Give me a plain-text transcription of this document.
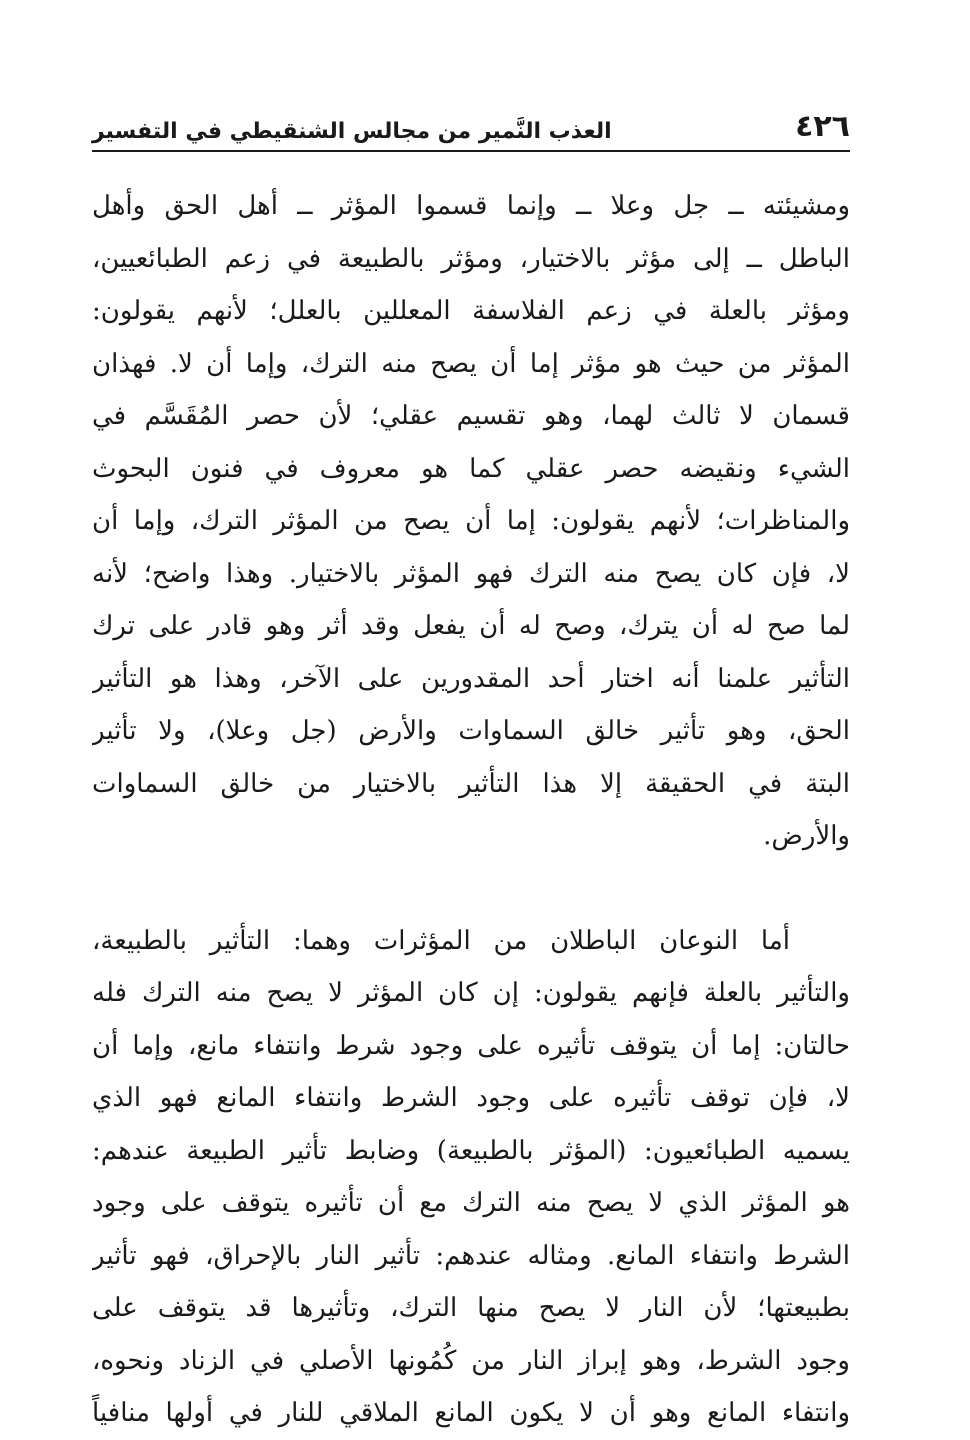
٤٢٦
العذب النَّمير من مجالس الشنقيطي في التفسير
ومشيئته ــ جل وعلا ــ وإنما قسموا المؤثر ــ أهل الحق وأهل
الباطل ــ إلى مؤثر بالاختيار، ومؤثر بالطبيعة في زعم الطبائعيين،
ومؤثر بالعلة في زعم الفلاسفة المعللين بالعلل؛ لأنهم يقولون:
المؤثر من حيث هو مؤثر إما أن يصح منه الترك، وإما أن لا. فهذان
قسمان لا ثالث لهما، وهو تقسيم عقلي؛ لأن حصر المُقَسَّم في
الشيء ونقيضه حصر عقلي كما هو معروف في فنون البحوث
والمناظرات؛ لأنهم يقولون: إما أن يصح من المؤثر الترك، وإما أن
لا، فإن كان يصح منه الترك فهو المؤثر بالاختيار. وهذا واضح؛ لأنه
لما صح له أن يترك، وصح له أن يفعل وقد أثر وهو قادر على ترك
التأثير علمنا أنه اختار أحد المقدورين على الآخر، وهذا هو التأثير
الحق، وهو تأثير خالق السماوات والأرض (جل وعلا)، ولا تأثير
البتة في الحقيقة إلا هذا التأثير بالاختيار من خالق السماوات
والأرض.
أما النوعان الباطلان من المؤثرات وهما: التأثير بالطبيعة،
والتأثير بالعلة فإنهم يقولون: إن كان المؤثر لا يصح منه الترك فله
حالتان: إما أن يتوقف تأثيره على وجود شرط وانتفاء مانع، وإما أن
لا، فإن توقف تأثيره على وجود الشرط وانتفاء المانع فهو الذي
يسميه الطبائعيون: (المؤثر بالطبيعة) وضابط تأثير الطبيعة عندهم:
هو المؤثر الذي لا يصح منه الترك مع أن تأثيره يتوقف على وجود
الشرط وانتفاء المانع. ومثاله عندهم: تأثير النار بالإحراق، فهو تأثير
بطبيعتها؛ لأن النار لا يصح منها الترك، وتأثيرها قد يتوقف على
وجود الشرط، وهو إبراز النار من كُمُونها الأصلي في الزناد ونحوه،
وانتفاء المانع وهو أن لا يكون المانع الملاقي للنار في أولها منافياً
